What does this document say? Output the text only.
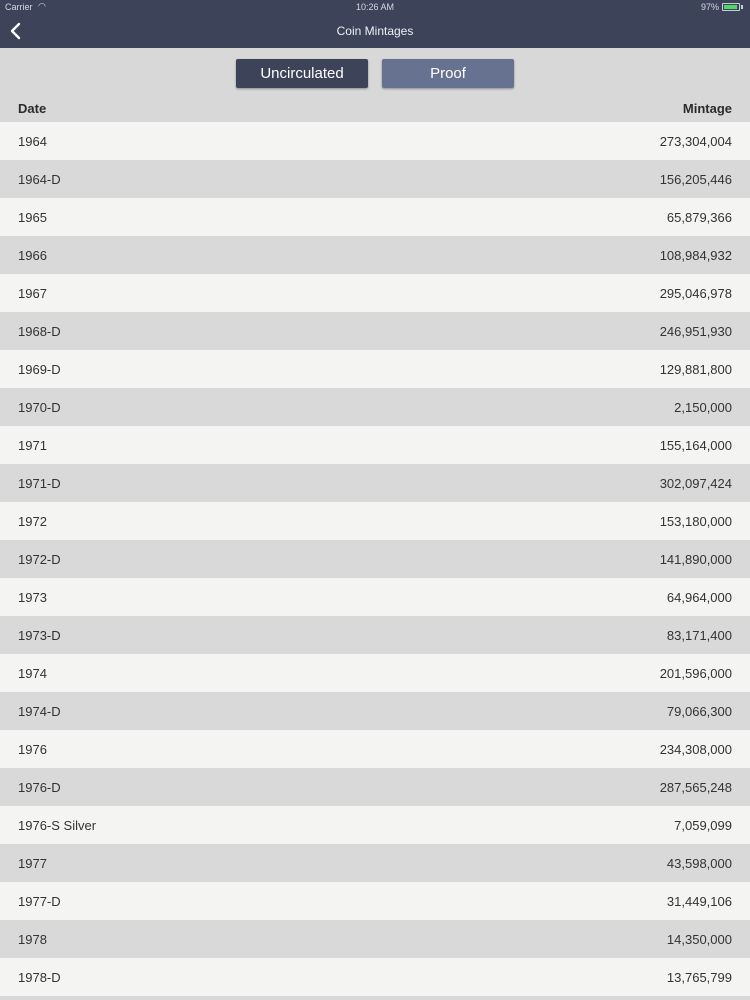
Carrier ◠	10:26 AM	97%
Coin Mintages
Uncirculated	Proof
Date	Mintage
1964	273,304,004
1964-D	156,205,446
1965	65,879,366
1966	108,984,932
1967	295,046,978
1968-D	246,951,930
1969-D	129,881,800
1970-D	2,150,000
1971	155,164,000
1971-D	302,097,424
1972	153,180,000
1972-D	141,890,000
1973	64,964,000
1973-D	83,171,400
1974	201,596,000
1974-D	79,066,300
1976	234,308,000
1976-D	287,565,248
1976-S Silver	7,059,099
1977	43,598,000
1977-D	31,449,106
1978	14,350,000
1978-D	13,765,799
